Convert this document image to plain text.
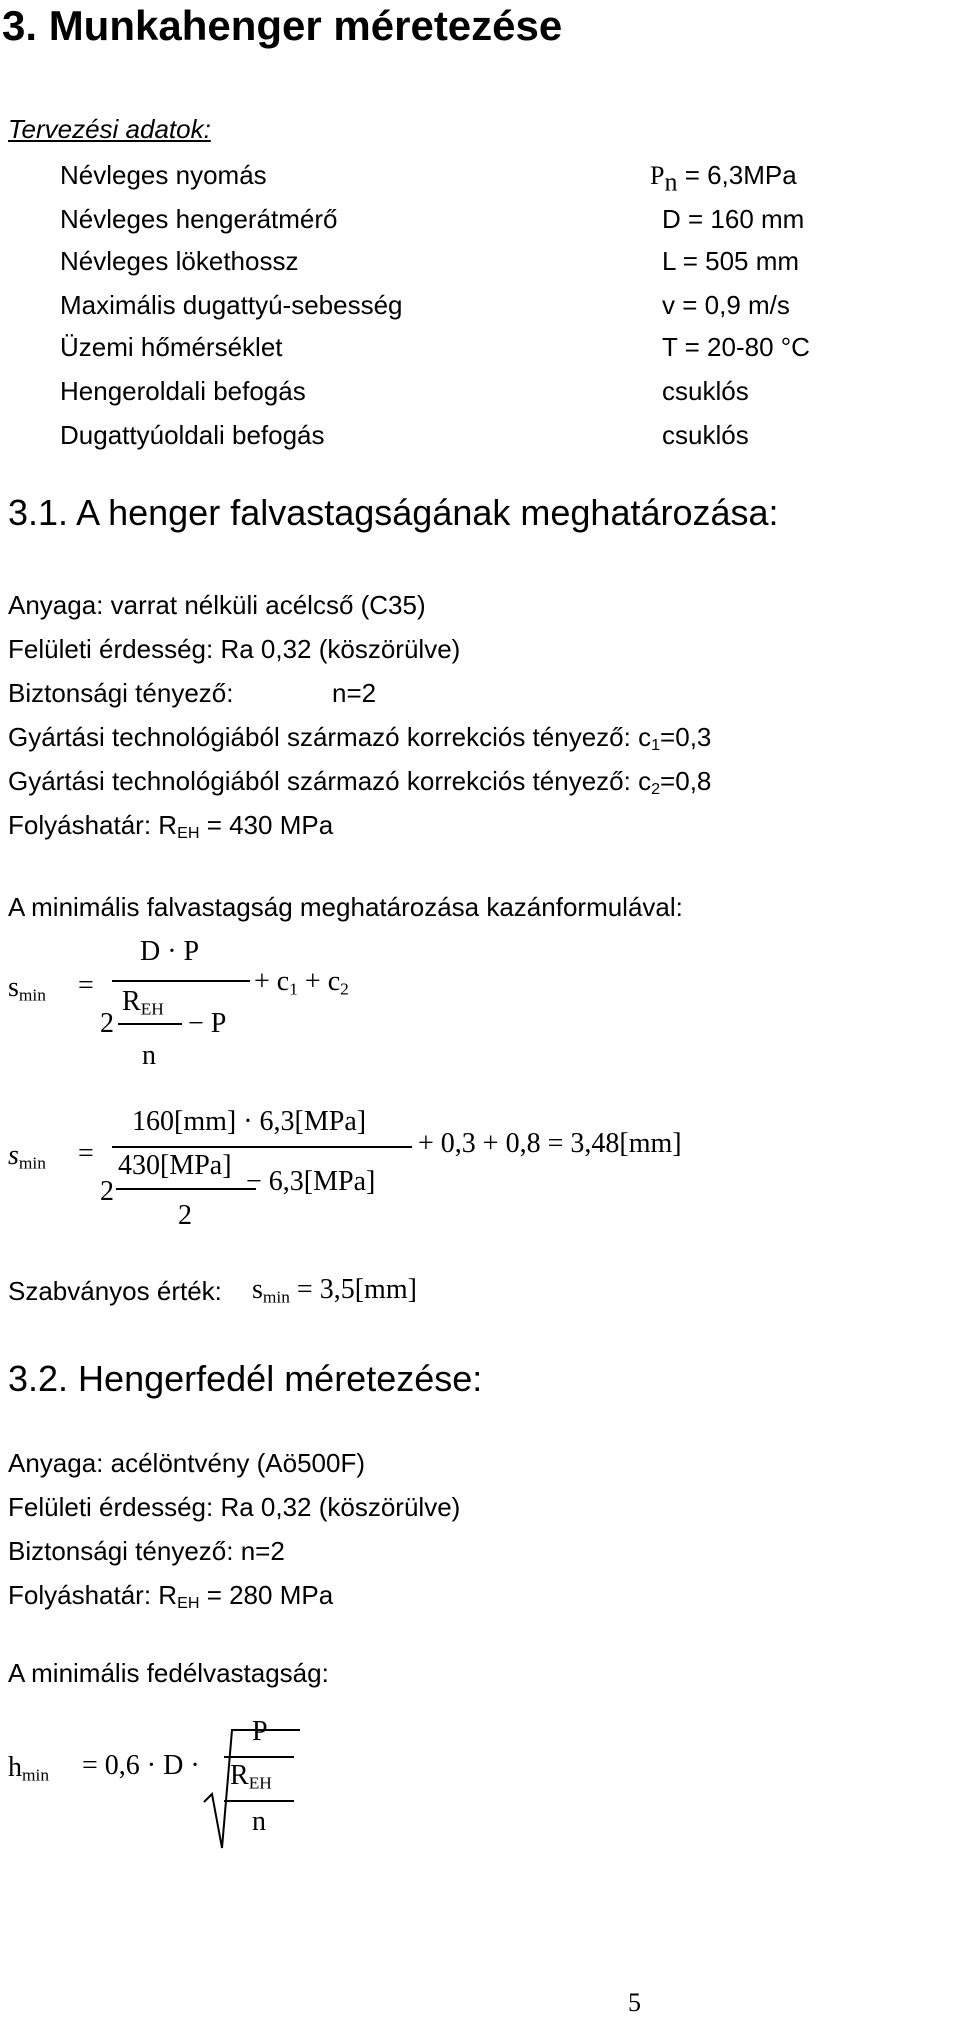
3. Munkahenger méretezése
Tervezési adatok:
Névleges nyomás	$P_n = 6,3MPa$
Névleges hengerátmérő	D = 160 mm
Névleges lökethossz	L = 505 mm
Maximális dugattyú-sebesség	v = 0,9 m/s
Üzemi hőmérséklet	T = 20-80 °C
Hengeroldali befogás	csuklós
Dugattyúoldali befogás	csuklós
3.1. A henger falvastagságának meghatározása:
Anyaga: varrat nélküli acélcső (C35)
Felületi érdesség: Ra 0,32 (köszörülve)
Biztonsági tényező:	n=2
Gyártási technológiából származó korrekciós tényező: $c_1=0,3$
Gyártási technológiából származó korrekciós tényező: $c_2=0,8$
Folyáshatár: $R_{EH} = 430$ MPa
A minimális falvastagság meghatározása kazánformulával:
$s_{min}$ =
D · P
$R_{EH}$
2
n
− P
+ $c_1 + c_2$
$s_{min}$ =
160[mm] · 6,3[MPa]
2
430[MPa]
2
− 6,3[MPa]
+ 0,3 + 0,8 = 3,48[mm]
Szabványos érték: $s_{min} = 3,5[mm]$
3.2. Hengerfedél méretezése:
Anyaga: acélöntvény (Aö500F)
Felületi érdesség: Ra 0,32 (köszörülve)
Biztonsági tényező: n=2
Folyáshatár: $R_{EH} = 280$ MPa
A minimális fedélvastagság:
$h_{min} = 0,6 \cdot D$ ·
P
$R_{EH}$
n
5
